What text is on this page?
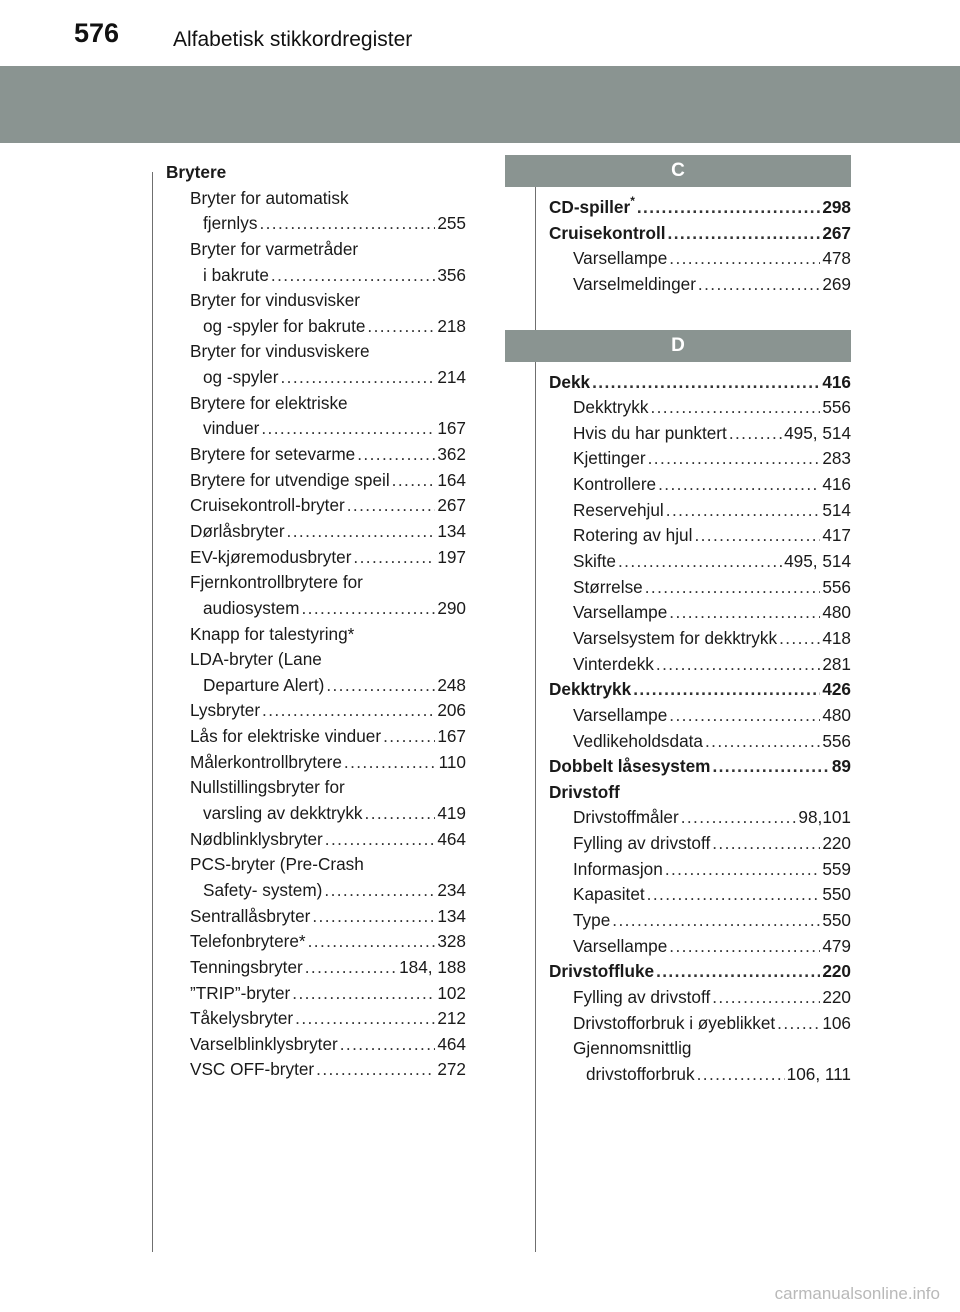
576	Alfabetisk stikkordregister
Brytere
Bryter for automatisk
fjernlys .....	255
Bryter for varmetråder
i bakrute .....	356
Bryter for vindusvisker
og -spyler for bakrute .....	218
Bryter for vindusviskere
og -spyler .....	214
Brytere for elektriske
vinduer .....	167
Brytere for setevarme .....	362
Brytere for utvendige speil .....	164
Cruisekontroll-bryter .....	267
Dørlåsbryter .....	134
EV-kjøremodusbryter .....	197
Fjernkontrollbrytere for
audiosystem .....	290
Knapp for talestyring*
LDA-bryter (Lane
Departure Alert) .....	248
Lysbryter .....	206
Lås for elektriske vinduer .....	167
Målerkontrollbrytere .....	110
Nullstillingsbryter for
varsling av dekktrykk .....	419
Nødblinklysbryter .....	464
PCS-bryter (Pre-Crash
Safety- system) .....	234
Sentrallåsbryter .....	134
Telefonbrytere* .....	328
Tenningsbryter .....	184, 188
”TRIP”-bryter .....	102
Tåkelysbryter .....	212
Varselblinklysbryter .....	464
VSC OFF-bryter .....	272
C
CD-spiller * .....	298
Cruisekontroll .....	267
Varsellampe .....	478
Varselmeldinger .....	269
D
Dekk .....	416
Dekktrykk .....	556
Hvis du har punktert .....	495, 514
Kjettinger .....	283
Kontrollere .....	416
Reservehjul .....	514
Rotering av hjul .....	417
Skifte .....	495, 514
Størrelse .....	556
Varsellampe .....	480
Varselsystem for dekktrykk .....	418
Vinterdekk .....	281
Dekktrykk .....	426
Varsellampe .....	480
Vedlikeholdsdata .....	556
Dobbelt låsesystem .....	89
Drivstoff
Drivstoffmåler .....	98,101
Fylling av drivstoff .....	220
Informasjon .....	559
Kapasitet .....	550
Type .....	550
Varsellampe .....	479
Drivstoffluke .....	220
Fylling av drivstoff .....	220
Drivstofforbruk i øyeblikket .....	106
Gjennomsnittlig
drivstofforbruk .....	106, 111
carmanualsonline.info
